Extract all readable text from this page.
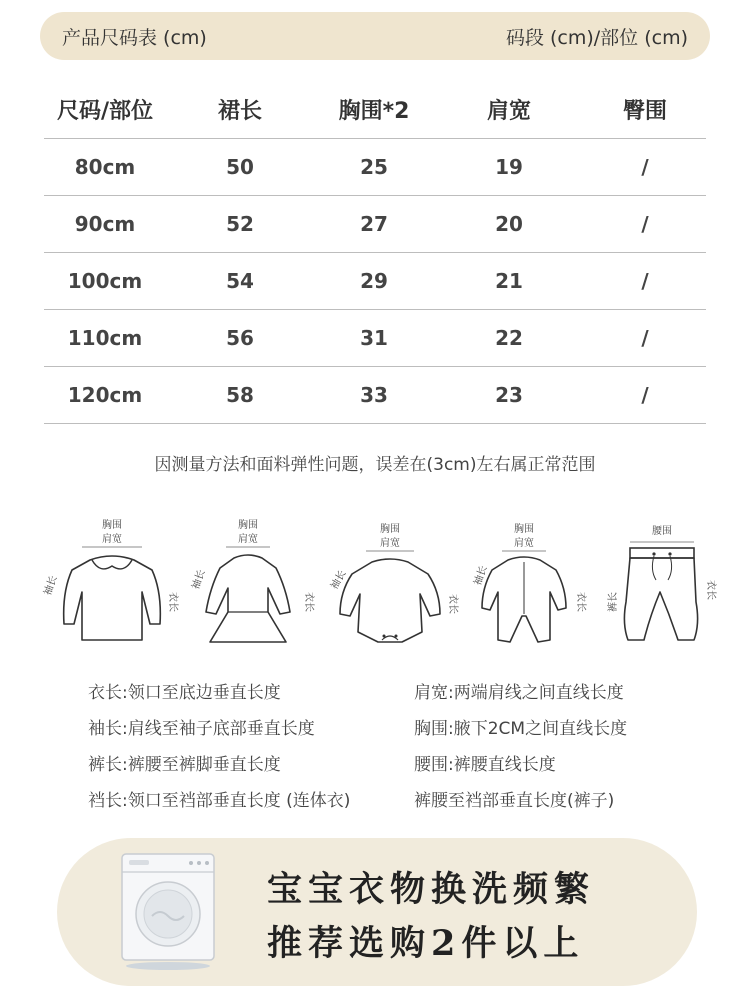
产品尺码表 (cm)	码段 (cm)/部位 (cm)
尺码/部位	裙长	胸围*2	肩宽	臀围
80cm	50	25	19	/
90cm	52	27	20	/
100cm	54	29	21	/
110cm	56	31	22	/
120cm	58	33	23	/
因测量方法和面料弹性问题，误差在(3cm)左右属正常范围
胸围
肩宽
袖长
衣长
胸围
肩宽
袖长
衣长
胸围
肩宽
袖长
衣长
胸围
肩宽
袖长
衣长
腰围
裤长
衣长
衣长:领口至底边垂直长度	肩宽:两端肩线之间直线长度
袖长:肩线至袖子底部垂直长度	胸围:腋下2CM之间直线长度
裤长:裤腰至裤脚垂直长度	腰围:裤腰直线长度
裆长:领口至裆部垂直长度 (连体衣)	裤腰至裆部垂直长度(裤子)
宝宝衣物换洗频繁
推荐选购2件以上
